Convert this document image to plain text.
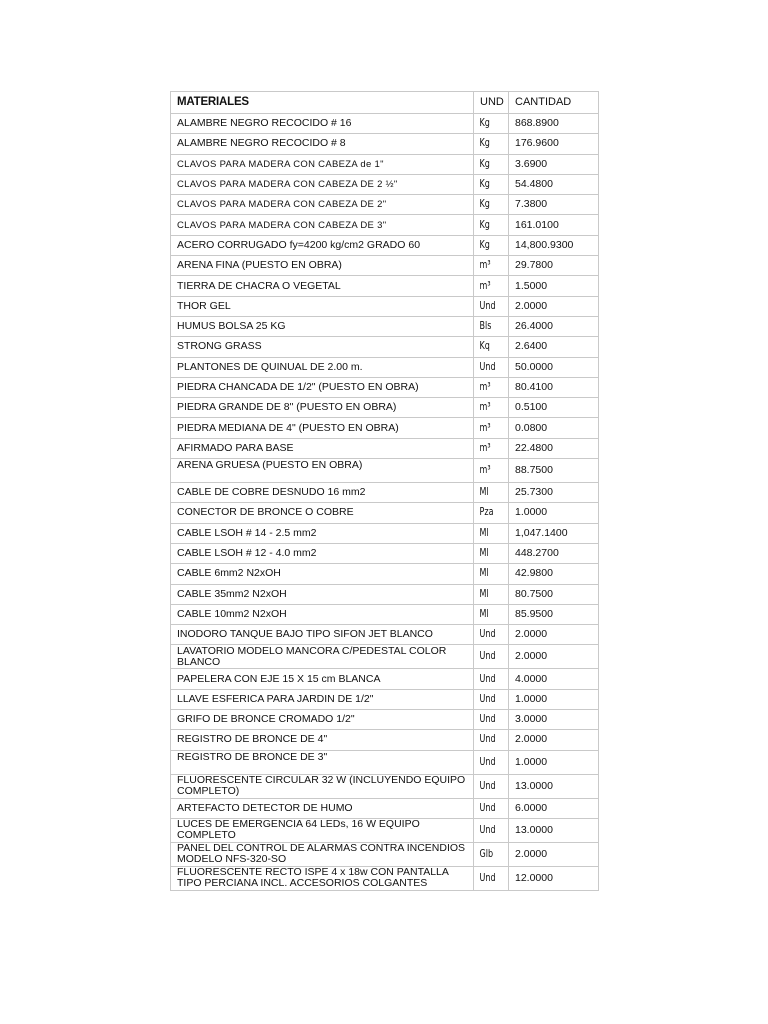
MATERIALES	UND	CANTIDAD
ALAMBRE NEGRO RECOCIDO # 16	Kg	868.8900
ALAMBRE NEGRO RECOCIDO # 8	Kg	176.9600
CLAVOS PARA MADERA CON CABEZA de 1"	Kg	3.6900
CLAVOS PARA MADERA CON CABEZA DE 2 ½"	Kg	54.4800
CLAVOS PARA MADERA CON CABEZA DE 2"	Kg	7.3800
CLAVOS PARA MADERA CON CABEZA DE 3"	Kg	161.0100
ACERO CORRUGADO fy=4200 kg/cm2 GRADO 60	Kg	14,800.9300
ARENA FINA (PUESTO EN OBRA)	m³	29.7800
TIERRA DE CHACRA O VEGETAL	m³	1.5000
THOR GEL	Und	2.0000
HUMUS BOLSA 25 KG	Bls	26.4000
STRONG GRASS	Kq	2.6400
PLANTONES DE QUINUAL DE 2.00 m.	Und	50.0000
PIEDRA CHANCADA DE 1/2" (PUESTO EN OBRA)	m³	80.4100
PIEDRA GRANDE DE 8" (PUESTO EN OBRA)	m³	0.5100
PIEDRA MEDIANA DE 4" (PUESTO EN OBRA)	m³	0.0800
AFIRMADO PARA BASE	m³	22.4800
ARENA GRUESA (PUESTO EN OBRA)	m³	88.7500
CABLE DE COBRE DESNUDO 16 mm2	Ml	25.7300
CONECTOR DE BRONCE O COBRE	Pza	1.0000
CABLE LSOH # 14 - 2.5 mm2	Ml	1,047.1400
CABLE LSOH # 12 - 4.0 mm2	Ml	448.2700
CABLE 6mm2 N2xOH	Ml	42.9800
CABLE 35mm2 N2xOH	Ml	80.7500
CABLE 10mm2 N2xOH	Ml	85.9500
INODORO TANQUE BAJO TIPO SIFON JET BLANCO	Und	2.0000
LAVATORIO MODELO MANCORA C/PEDESTAL COLOR BLANCO	Und	2.0000
PAPELERA CON EJE 15 X 15 cm BLANCA	Und	4.0000
LLAVE ESFERICA PARA JARDIN DE 1/2"	Und	1.0000
GRIFO DE BRONCE CROMADO 1/2"	Und	3.0000
REGISTRO DE BRONCE DE 4"	Und	2.0000
REGISTRO DE BRONCE DE 3"	Und	1.0000
FLUORESCENTE CIRCULAR 32 W (INCLUYENDO EQUIPO COMPLETO)	Und	13.0000
ARTEFACTO DETECTOR DE HUMO	Und	6.0000
LUCES DE EMERGENCIA 64 LEDs, 16 W EQUIPO COMPLETO	Und	13.0000
PANEL DEL CONTROL DE ALARMAS CONTRA INCENDIOS MODELO NFS-320-SO	Glb	2.0000
FLUORESCENTE RECTO ISPE 4 x 18w CON PANTALLA TIPO PERCIANA INCL. ACCESORIOS COLGANTES	Und	12.0000
